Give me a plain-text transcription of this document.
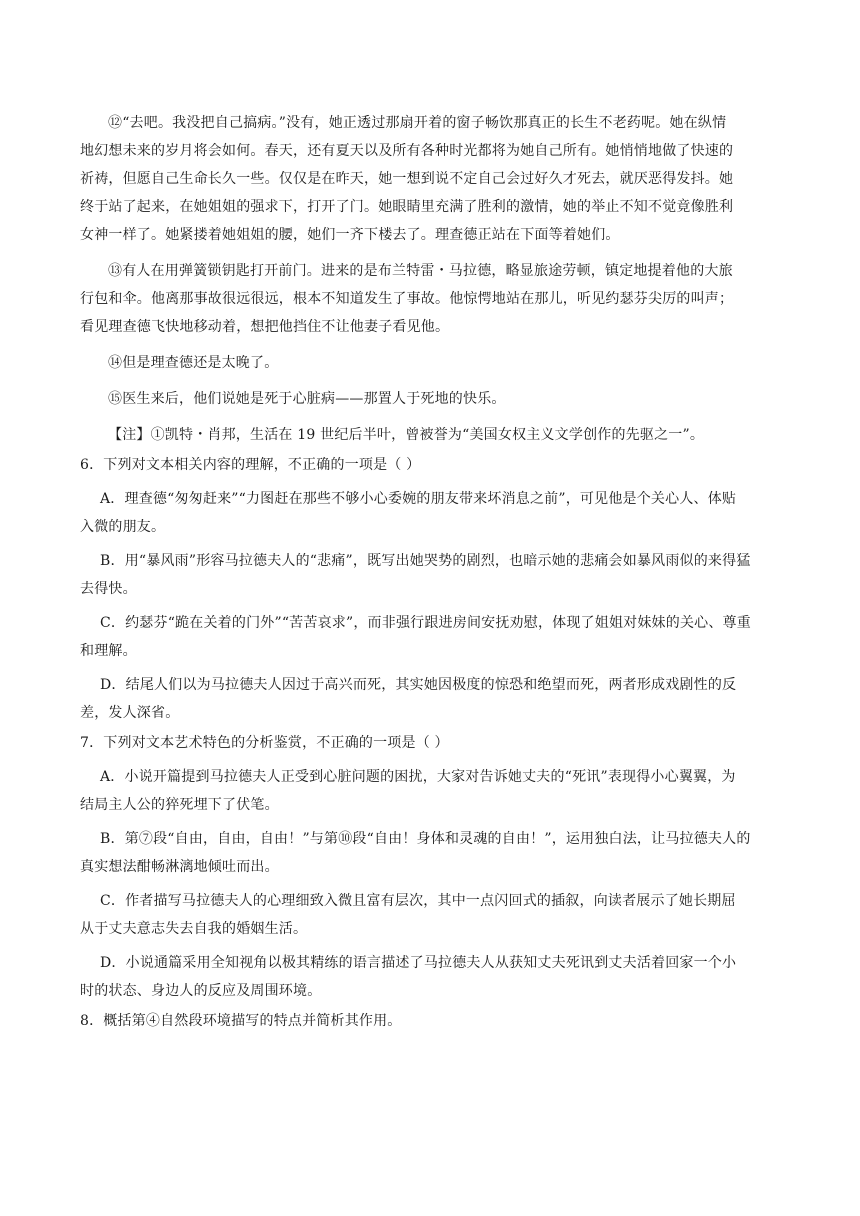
⑫“去吧。我没把自己搞病。”没有，她正透过那扇开着的窗子畅饮那真正的长生不老药呢。她在纵情
地幻想未来的岁月将会如何。春天，还有夏天以及所有各种时光都将为她自己所有。她悄悄地做了快速的
祈祷，但愿自己生命长久一些。仅仅是在昨天，她一想到说不定自己会过好久才死去，就厌恶得发抖。她
终于站了起来，在她姐姐的强求下，打开了门。她眼睛里充满了胜利的激情，她的举止不知不觉竟像胜利
女神一样了。她紧搂着她姐姐的腰，她们一齐下楼去了。理查德正站在下面等着她们。
⑬有人在用弹簧锁钥匙打开前门。进来的是布兰特雷・马拉德，略显旅途劳顿，镇定地提着他的大旅
行包和伞。他离那事故很远很远，根本不知道发生了事故。他惊愕地站在那儿，听见约瑟芬尖厉的叫声；
看见理查德飞快地移动着，想把他挡住不让他妻子看见他。
⑭但是理查德还是太晚了。
⑮医生来后，他们说她是死于心脏病——那置人于死地的快乐。
【注】①凯特・肖邦，生活在 19 世纪后半叶，曾被誉为“美国女权主义文学创作的先驱之一”。
6．下列对文本相关内容的理解，不正确的一项是（ ）
A．理查德“匆匆赶来”“力图赶在那些不够小心委婉的朋友带来坏消息之前”，可见他是个关心人、体贴
入微的朋友。
B．用“暴风雨”形容马拉德夫人的“悲痛”，既写出她哭势的剧烈，也暗示她的悲痛会如暴风雨似的来得猛
去得快。
C．约瑟芬“跪在关着的门外”“苦苦哀求”，而非强行跟进房间安抚劝慰，体现了姐姐对妹妹的关心、尊重
和理解。
D．结尾人们以为马拉德夫人因过于高兴而死，其实她因极度的惊恐和绝望而死，两者形成戏剧性的反
差，发人深省。
7．下列对文本艺术特色的分析鉴赏，不正确的一项是（ ）
A．小说开篇提到马拉德夫人正受到心脏问题的困扰，大家对告诉她丈夫的“死讯”表现得小心翼翼，为
结局主人公的猝死埋下了伏笔。
B．第⑦段“自由，自由，自由！”与第⑩段“自由！身体和灵魂的自由！”，运用独白法，让马拉德夫人的
真实想法酣畅淋漓地倾吐而出。
C．作者描写马拉德夫人的心理细致入微且富有层次，其中一点闪回式的插叙，向读者展示了她长期屈
从于丈夫意志失去自我的婚姻生活。
D．小说通篇采用全知视角以极其精练的语言描述了马拉德夫人从获知丈夫死讯到丈夫活着回家一个小
时的状态、身边人的反应及周围环境。
8．概括第④自然段环境描写的特点并简析其作用。
